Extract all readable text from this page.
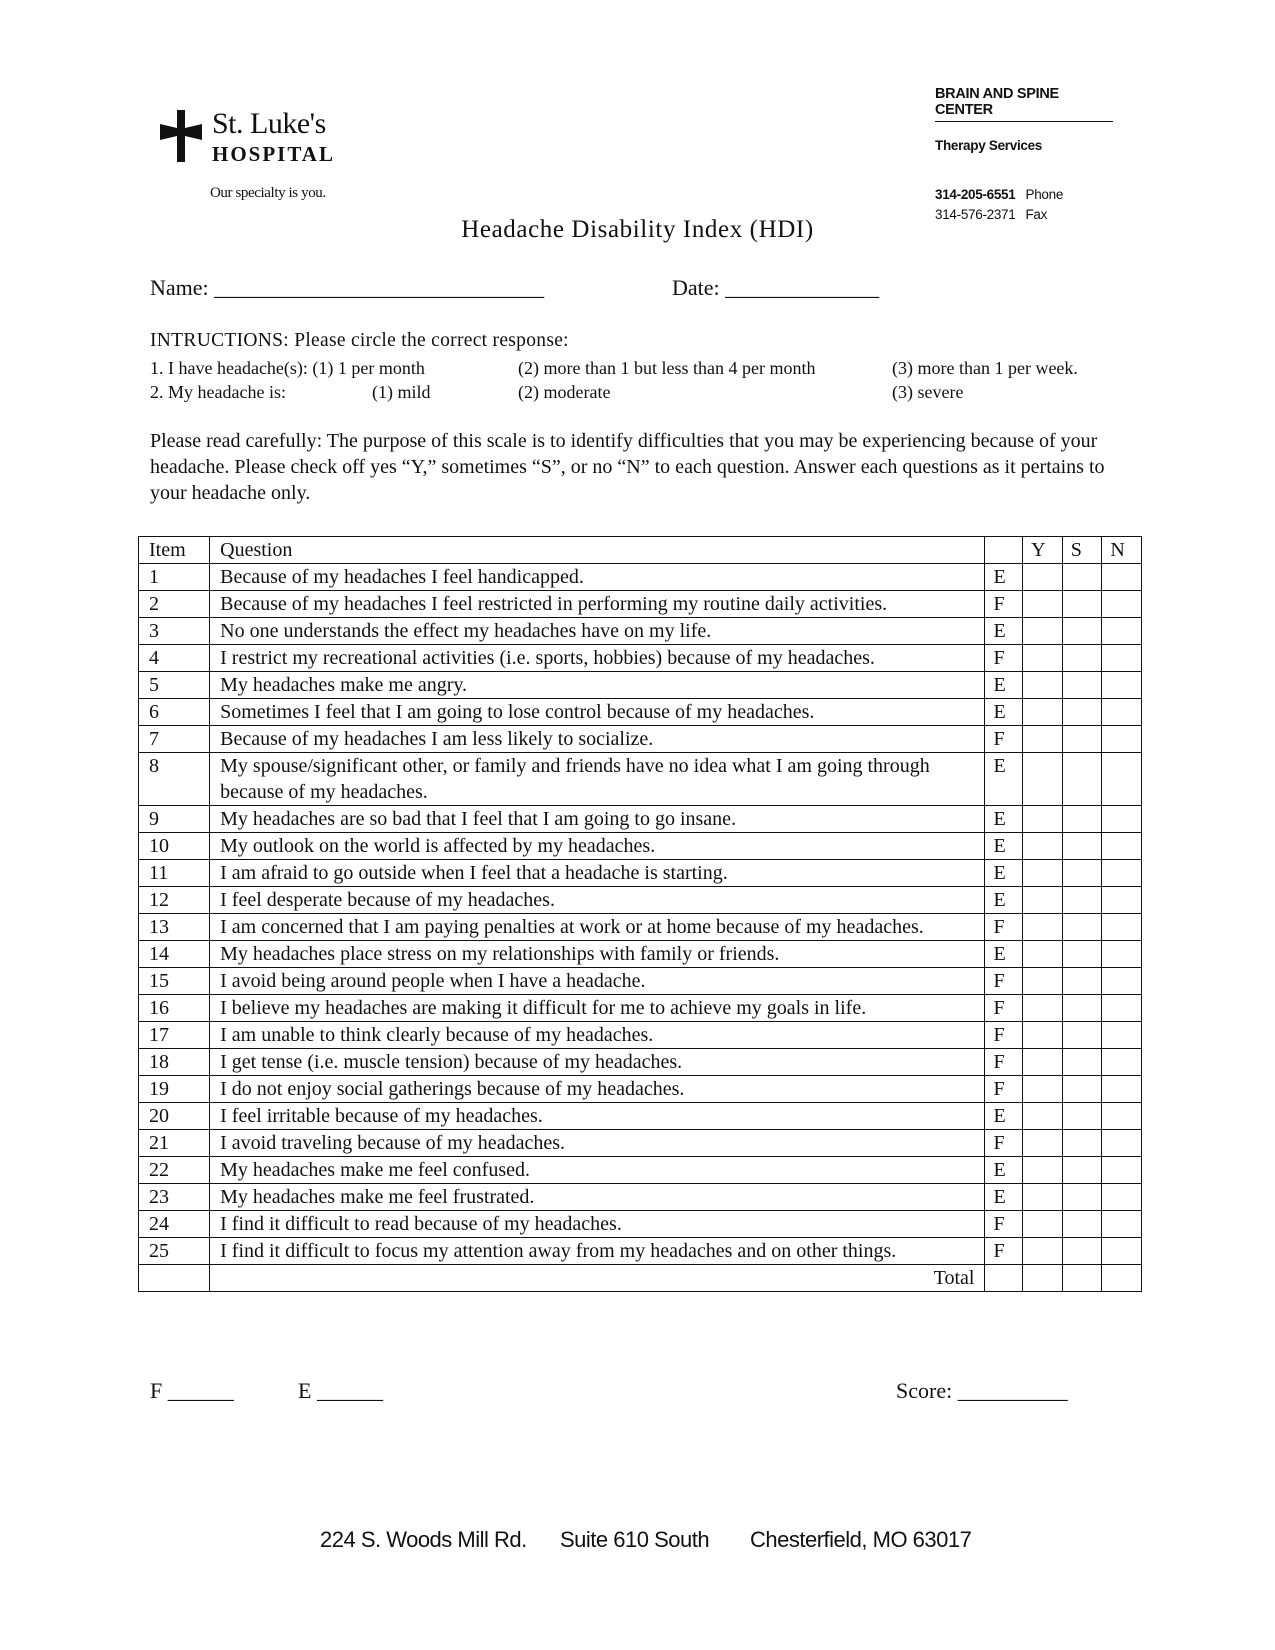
St. Luke's
HOSPITAL
Our specialty is you.
BRAIN AND SPINE CENTER
Therapy Services
314-205-6551 Phone
314-576-2371 Fax
Headache Disability Index (HDI)
Name: ______________________________	Date: ______________
INTRUCTIONS: Please circle the correct response:
1. I have headache(s): (1) 1 per month	(2) more than 1 but less than 4 per month	(3) more than 1 per week.
2. My headache is:	(1) mild	(2) moderate	(3) severe
Please read carefully: The purpose of this scale is to identify difficulties that you may be experiencing because of your headache. Please check off yes “Y,” sometimes “S”, or no “N” to each question. Answer each questions as it pertains to your headache only.
Item	Question		Y	S	N
1	Because of my headaches I feel handicapped.	E			
2	Because of my headaches I feel restricted in performing my routine daily activities.	F			
3	No one understands the effect my headaches have on my life.	E			
4	I restrict my recreational activities (i.e. sports, hobbies) because of my headaches.	F			
5	My headaches make me angry.	E			
6	Sometimes I feel that I am going to lose control because of my headaches.	E			
7	Because of my headaches I am less likely to socialize.	F			
8	My spouse/significant other, or family and friends have no idea what I am going through because of my headaches.	E			
9	My headaches are so bad that I feel that I am going to go insane.	E			
10	My outlook on the world is affected by my headaches.	E			
11	I am afraid to go outside when I feel that a headache is starting.	E			
12	I feel desperate because of my headaches.	E			
13	I am concerned that I am paying penalties at work or at home because of my headaches.	F			
14	My headaches place stress on my relationships with family or friends.	E			
15	I avoid being around people when I have a headache.	F			
16	I believe my headaches are making it difficult for me to achieve my goals in life.	F			
17	I am unable to think clearly because of my headaches.	F			
18	I get tense (i.e. muscle tension) because of my headaches.	F			
19	I do not enjoy social gatherings because of my headaches.	F			
20	I feel irritable because of my headaches.	E			
21	I avoid traveling because of my headaches.	F			
22	My headaches make me feel confused.	E			
23	My headaches make me feel frustrated.	E			
24	I find it difficult to read because of my headaches.	F			
25	I find it difficult to focus my attention away from my headaches and on other things.	F			
	Total				
F ______	E ______	Score: __________
224 S. Woods Mill Rd. Suite 610 South Chesterfield, MO 63017
